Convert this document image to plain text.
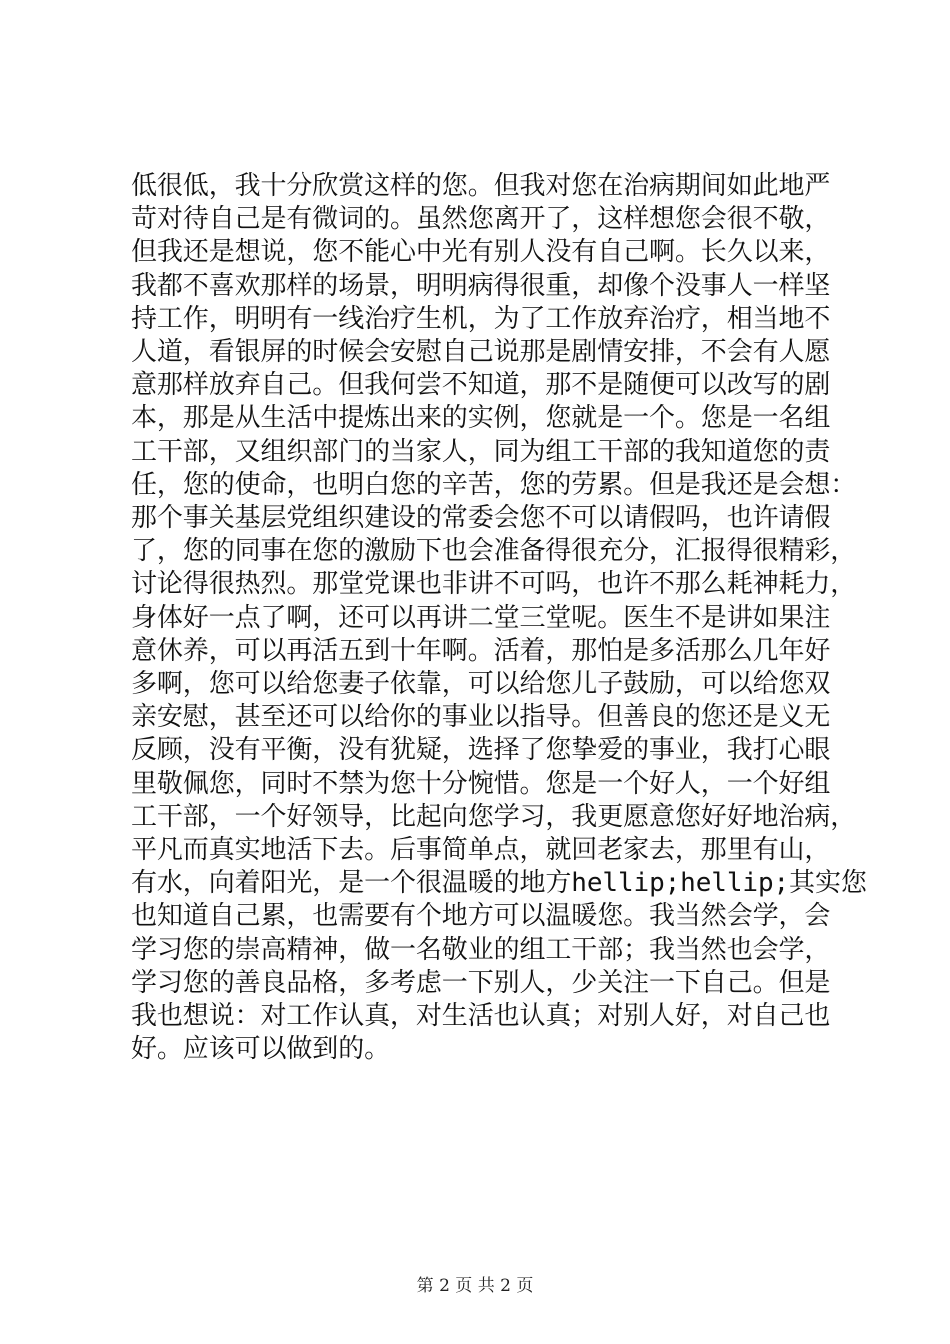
低很低，我十分欣赏这样的您。但我对您在治病期间如此地严
苛对待自己是有微词的。虽然您离开了，这样想您会很不敬，
但我还是想说，您不能心中光有别人没有自己啊。长久以来，
我都不喜欢那样的场景，明明病得很重，却像个没事人一样坚
持工作，明明有一线治疗生机，为了工作放弃治疗，相当地不
人道，看银屏的时候会安慰自己说那是剧情安排，不会有人愿
意那样放弃自己。但我何尝不知道，那不是随便可以改写的剧
本，那是从生活中提炼出来的实例，您就是一个。您是一名组
工干部，又组织部门的当家人，同为组工干部的我知道您的责
任，您的使命，也明白您的辛苦，您的劳累。但是我还是会想：
那个事关基层党组织建设的常委会您不可以请假吗，也许请假
了，您的同事在您的激励下也会准备得很充分，汇报得很精彩，
讨论得很热烈。那堂党课也非讲不可吗，也许不那么耗神耗力，
身体好一点了啊，还可以再讲二堂三堂呢。医生不是讲如果注
意休养，可以再活五到十年啊。活着，那怕是多活那么几年好
多啊，您可以给您妻子依靠，可以给您儿子鼓励，可以给您双
亲安慰，甚至还可以给你的事业以指导。但善良的您还是义无
反顾，没有平衡，没有犹疑，选择了您挚爱的事业，我打心眼
里敬佩您，同时不禁为您十分惋惜。您是一个好人，一个好组
工干部，一个好领导，比起向您学习，我更愿意您好好地治病，
平凡而真实地活下去。后事简单点，就回老家去，那里有山，
有水，向着阳光，是一个很温暖的地方hellip;hellip;其实您
也知道自己累，也需要有个地方可以温暖您。我当然会学，会
学习您的崇高精神，做一名敬业的组工干部；我当然也会学，
学习您的善良品格，多考虑一下别人，少关注一下自己。但是
我也想说：对工作认真，对生活也认真；对别人好，对自己也
好。应该可以做到的。
第 2 页 共 2 页
